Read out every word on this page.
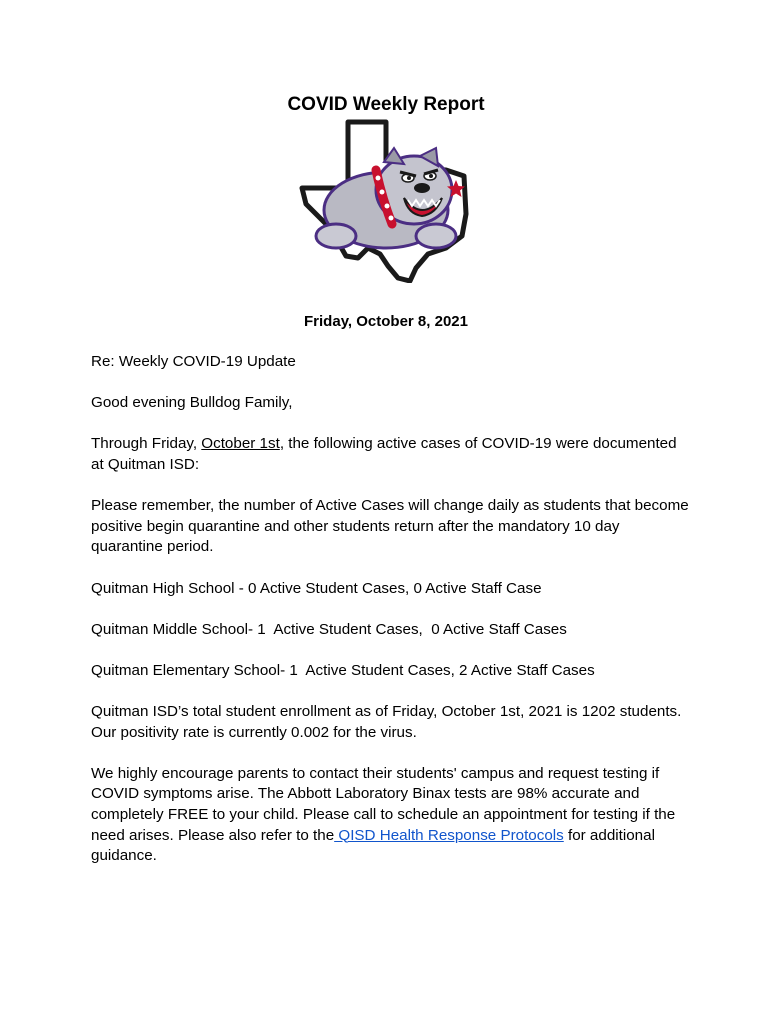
COVID Weekly Report
Friday, October 8, 2021

Re: Weekly COVID-19 Update

Good evening Bulldog Family,

Through Friday, October 1st, the following active cases of COVID-19 were documented at Quitman ISD:

Please remember, the number of Active Cases will change daily as students that become positive begin quarantine and other students return after the mandatory 10 day quarantine period.

Quitman High School - 0 Active Student Cases, 0 Active Staff Case

Quitman Middle School- 1  Active Student Cases,  0 Active Staff Cases

Quitman Elementary School- 1  Active Student Cases, 2 Active Staff Cases

Quitman ISD’s total student enrollment as of Friday, October 1st, 2021 is 1202 students. Our positivity rate is currently 0.002 for the virus.

We highly encourage parents to contact their students' campus and request testing if COVID symptoms arise. The Abbott Laboratory Binax tests are 98% accurate and completely FREE to your child. Please call to schedule an appointment for testing if the need arises. Please also refer to the QISD Health Response Protocols for additional guidance.
